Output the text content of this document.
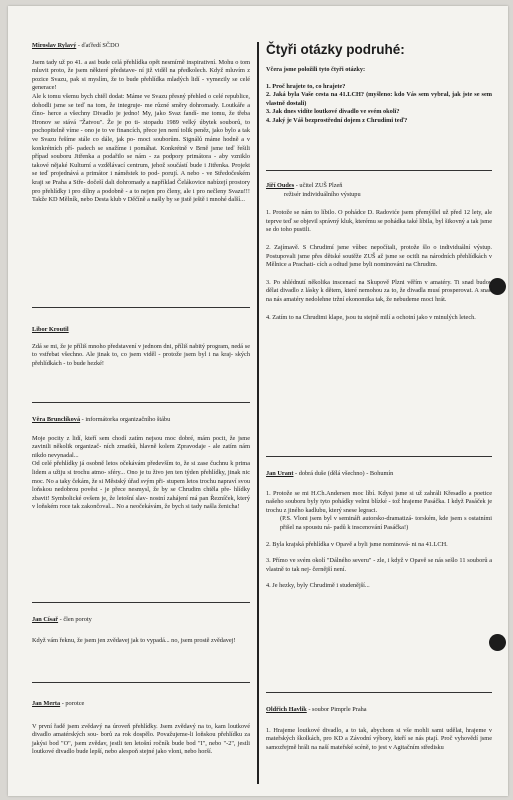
Miroslav Rylavý - ďaťředí SČDO

Jsem tady už po 41. a asi bude celá přehlídka opět nesmírně inspirativní. Mohu o tom mluvit proto, že jsem některé představe- ní již viděl na předkolech. Když mluvím z pozice Svazu, pak si myslím, že to bude přehlídka mladých lidí - vymezily se celé generace!

Ale k tomu všemu bych chtěl dodat: Máme ve Svazu přesný přehled o celé republice, dohodli jsme se teď na tom, že integruje- me různé směry dohromady. Loutkáře a číno- herce a všechny Divadlo je jedno! My, jako Svaz fandí- me tomu, že třeba Hronov se stává "Žatvou". Že je po ti- stopadu 1989 velký úbytek souborů, to pochopitelně víme - ono je to ve financích, přece jen není tolik peněz, jako bylo a tak ve Svazu řešíme stále co dále, jak po- moci souborům. Signálů máme hodně a v konkrétních pří- padech se snažíme i pomáhat. Konkrétně v Brně jsme teď řešili případ souboru Jitřenka a podařilo se nám - za podpory primátora - aby vzniklo takové nějaké Kulturní a vzdělávací centrum, jehož součástí bude i Jitřenka. Projekt se teď projednává a primátor i náměstek to pod- porují. A nebo - ve Středočeském kraji se Praha a Stře- dočeší dali dohromady a například Čelákovice nabízejí prostory pro přehlídky i pro dílny a podobně - a to nejen pro členy, ale i pro nečleny Svazu!!! Takže KD Mělník, nebo Desta klub v Děčíně a našly by se jistě ještě i mnohé další...

Libor Kroutil

Zdá se mi, že je příliš mnoho představení v jednom dni, příliš nabitý program, nedá se to vstřebat všechno. Ale jinak to, co jsem viděl - protože jsem byl i na kraj- ských přehlídkách - to bude hezké!

Věra Brunclíková - informátorka organizačního štábu

Moje pocity z lidí, kteří sem chodí zatím nejsou moc dobré, mám pocit, že jsme zavinili několik organizač- ních zmatků, hlavně kolem Zpravodaje - ale zatím nám nikdo nevynadal...

Od celé přehlídky já osobně letos očekávám především to, že si zase čuchnu k prima lidem a užiju si trochu atmo- sféry... Ono je tu živo jen ten týden přehlídky, jinak nic moc. No a taky čekám, že si Městský úřad svým při- stupem letos trochu napraví svou loňskou nedobrou pověst - je přece nesmysl, že by se Chrudim chtěla pře- hlídky zbavit! Symbolické ovšem je, že letošní slav- nostní zahájení má pan Řezníček, který v loňském roce tak zakončoval... No a neočekávám, že bych si tady našla ženicha!

Jan Císař - člen poroty

Když vám řeknu, že jsem jen zvědavej jak to vypadá... no, jsem prostě zvědavej!

Jan Merta - porotce

V první řadě jsem zvědavý na úroveň přehlídky. Jsem zvědavý na to, kam loutkové divadlo amatérských sou- borů za rok dospělo. Považujeme-li loňskou přehlídku za jakýsi bod "O", jsem zvědav, jestli ten letošní ročník bude bod "I", nebo "-2", jestli loutkové divadlo bude lepší, nebo alespoň stejné jako vloni, nebo horší.

Čtyři otázky podruhé:

Včera jsme položili tyto čtyři otázky:

1. Proč hrajete to, co hrajete?

2. Jaká byla Vaše cesta na 41.LCH? (myšleno: kdo Vás sem vybral, jak jste se sem vlastně dostali)

3. Jak dnes vidíte loutkové divadlo ve svém okolí?

4. Jaký je Váš bezprostřední dojem z Chrudimi teď?

Jiří Oudes - učitel ZUŠ Plzeň

režisér individuálního výstupu

1. Protože se nám to líbilo. O pohádce D. Radoviće jsem přemýšlel už před 12 lety, ale teprve teď se objevil správný kluk, kterému se pohádka také líbila, byl šikovný a tak jsme se do toho pustili.

2. Zajímavě. S Chrudimí jsme vůbec nepočítali, protože šlo o individuální výstup. Postupovali jsme přes dětské soutěže ZUŠ až jsme se ocitli na národních přehlídkách v Mělnice a Prachati- cích a odtud jsme byli nominováni na Chrudim.

3. Po shlédnutí několika inscenací na Skupově Plzni věřím v amatéry. Ti snad budou dělat divadlo z lásky k dětem, které nemohou za to, že divadla musí prosperovat. A snad na nás amatéry nedolehne tržní ekonomika tak, že nebudeme moci hrát.

4. Zatím to na Chrudimi klape, jsou tu stejně milí a ochotní jako v minulých letech.

Jan Urant - dobrá duše (dělá všechno) - Bohumín

1. Protože se mi H.Ch.Andersen moc líbí. Kdysi jsme si už zahráli Křesadlo a poetice našeho souboru byly tyto pohádky velmi blízké - tož hrajeme Pasáčka. I když Pasáček je trochu z jiného kadlubu, který snese legraci.

(P.S. Vloni jsem byl v semináři autorsko-dramatizá- torském, kde jsem s ostatními přišel na spoustu ná- padů k inscenování Pasáčka!)

2. Byla krajská přehlídka v Opavě a byli jsme nominová- ni na 41.LCH.

3. Přímo ve svém okolí "Dálného severu" - zle, i když v Opavě se nás sešlo 11 souborů a vlastně to tak nej- černější není.

4. Je hezky, byly Chrudimě i studenější...

Oldřich Havlík - soubor Pimprle Praha

1. Hrajeme loutkové divadlo, a to tak, abychom si vše mohli sami udělat, hrajeme v mateřských školkách, pro KD a Závodní výbory, kteří se nás ptají. Proč vyhovědí jsme samozřejmě hráli na naší mateřské scéně, to jest v Agitačním středisku
